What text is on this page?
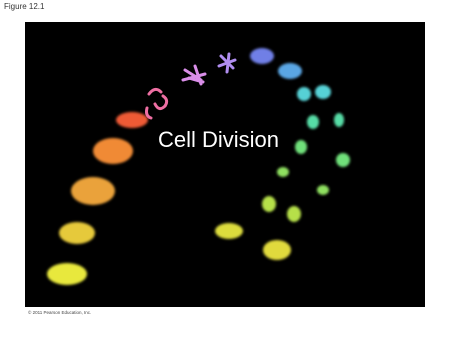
Figure 12.1
Cell Division
© 2011 Pearson Education, Inc.
